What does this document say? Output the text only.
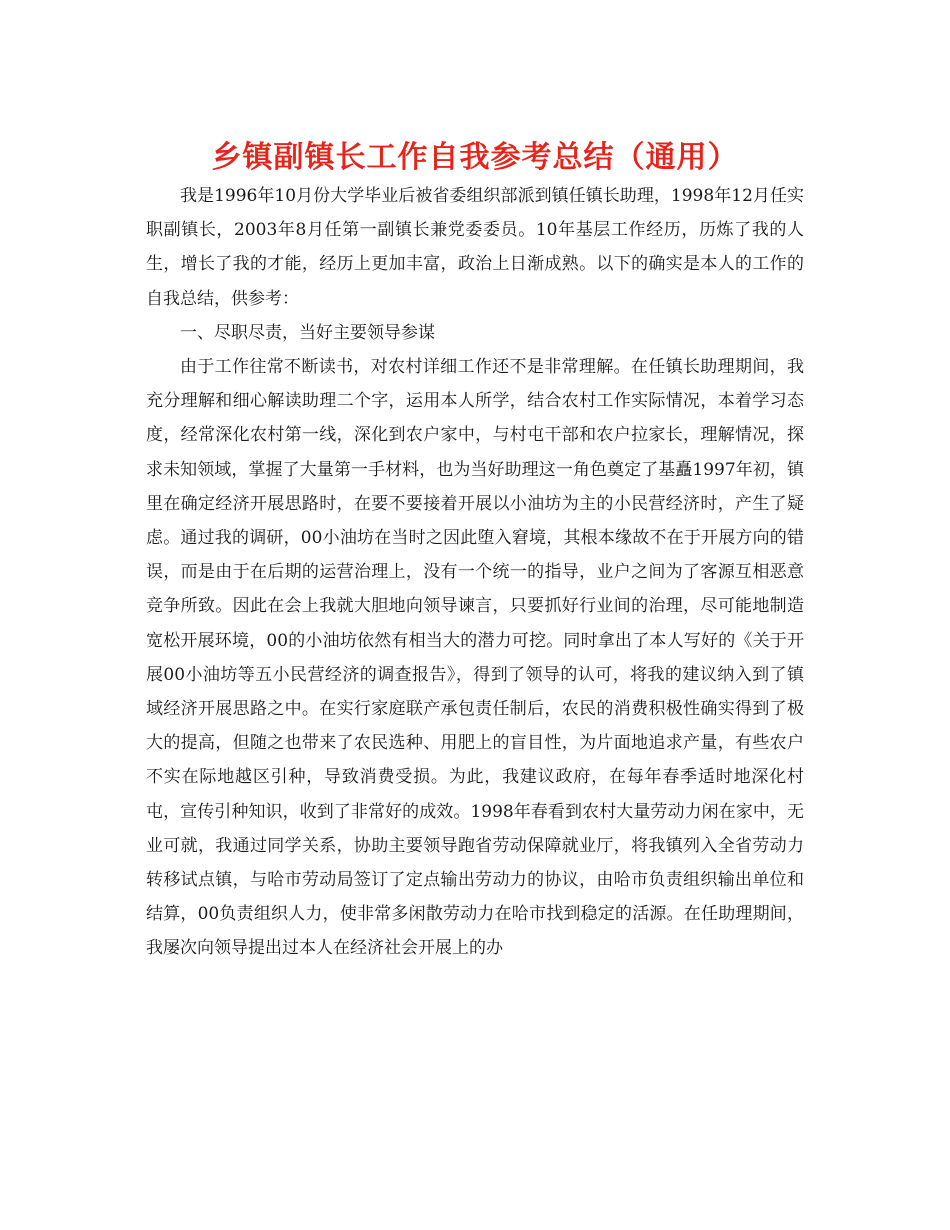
乡镇副镇长工作自我参考总结（通用）

我是1996年10月份大学毕业后被省委组织部派到镇任镇长助理，1998年12月任实职副镇长，2003年8月任第一副镇长兼党委委员。10年基层工作经历，历炼了我的人生，增长了我的才能，经历上更加丰富，政治上日渐成熟。以下的确实是本人的工作的自我总结，供参考：

一、尽职尽责，当好主要领导参谋

由于工作往常不断读书，对农村详细工作还不是非常理解。在任镇长助理期间，我充分理解和细心解读助理二个字，运用本人所学，结合农村工作实际情况，本着学习态度，经常深化农村第一线，深化到农户家中，与村屯干部和农户拉家长，理解情况，探求未知领域，掌握了大量第一手材料，也为当好助理这一角色奠定了基矗1997年初，镇里在确定经济开展思路时，在要不要接着开展以小油坊为主的小民营经济时，产生了疑虑。通过我的调研，00小油坊在当时之因此堕入窘境，其根本缘故不在于开展方向的错误，而是由于在后期的运营治理上，没有一个统一的指导，业户之间为了客源互相恶意竞争所致。因此在会上我就大胆地向领导谏言，只要抓好行业间的治理，尽可能地制造宽松开展环境，00的小油坊依然有相当大的潜力可挖。同时拿出了本人写好的《关于开展00小油坊等五小民营经济的调查报告》，得到了领导的认可，将我的建议纳入到了镇域经济开展思路之中。在实行家庭联产承包责任制后，农民的消费积极性确实得到了极大的提高，但随之也带来了农民选种、用肥上的盲目性，为片面地追求产量，有些农户不实在际地越区引种，导致消费受损。为此，我建议政府，在每年春季适时地深化村屯，宣传引种知识，收到了非常好的成效。1998年春看到农村大量劳动力闲在家中，无业可就，我通过同学关系，协助主要领导跑省劳动保障就业厅，将我镇列入全省劳动力转移试点镇，与哈市劳动局签订了定点输出劳动力的协议，由哈市负责组织输出单位和结算，00负责组织人力，使非常多闲散劳动力在哈市找到稳定的活源。在任助理期间，我屡次向领导提出过本人在经济社会开展上的办
